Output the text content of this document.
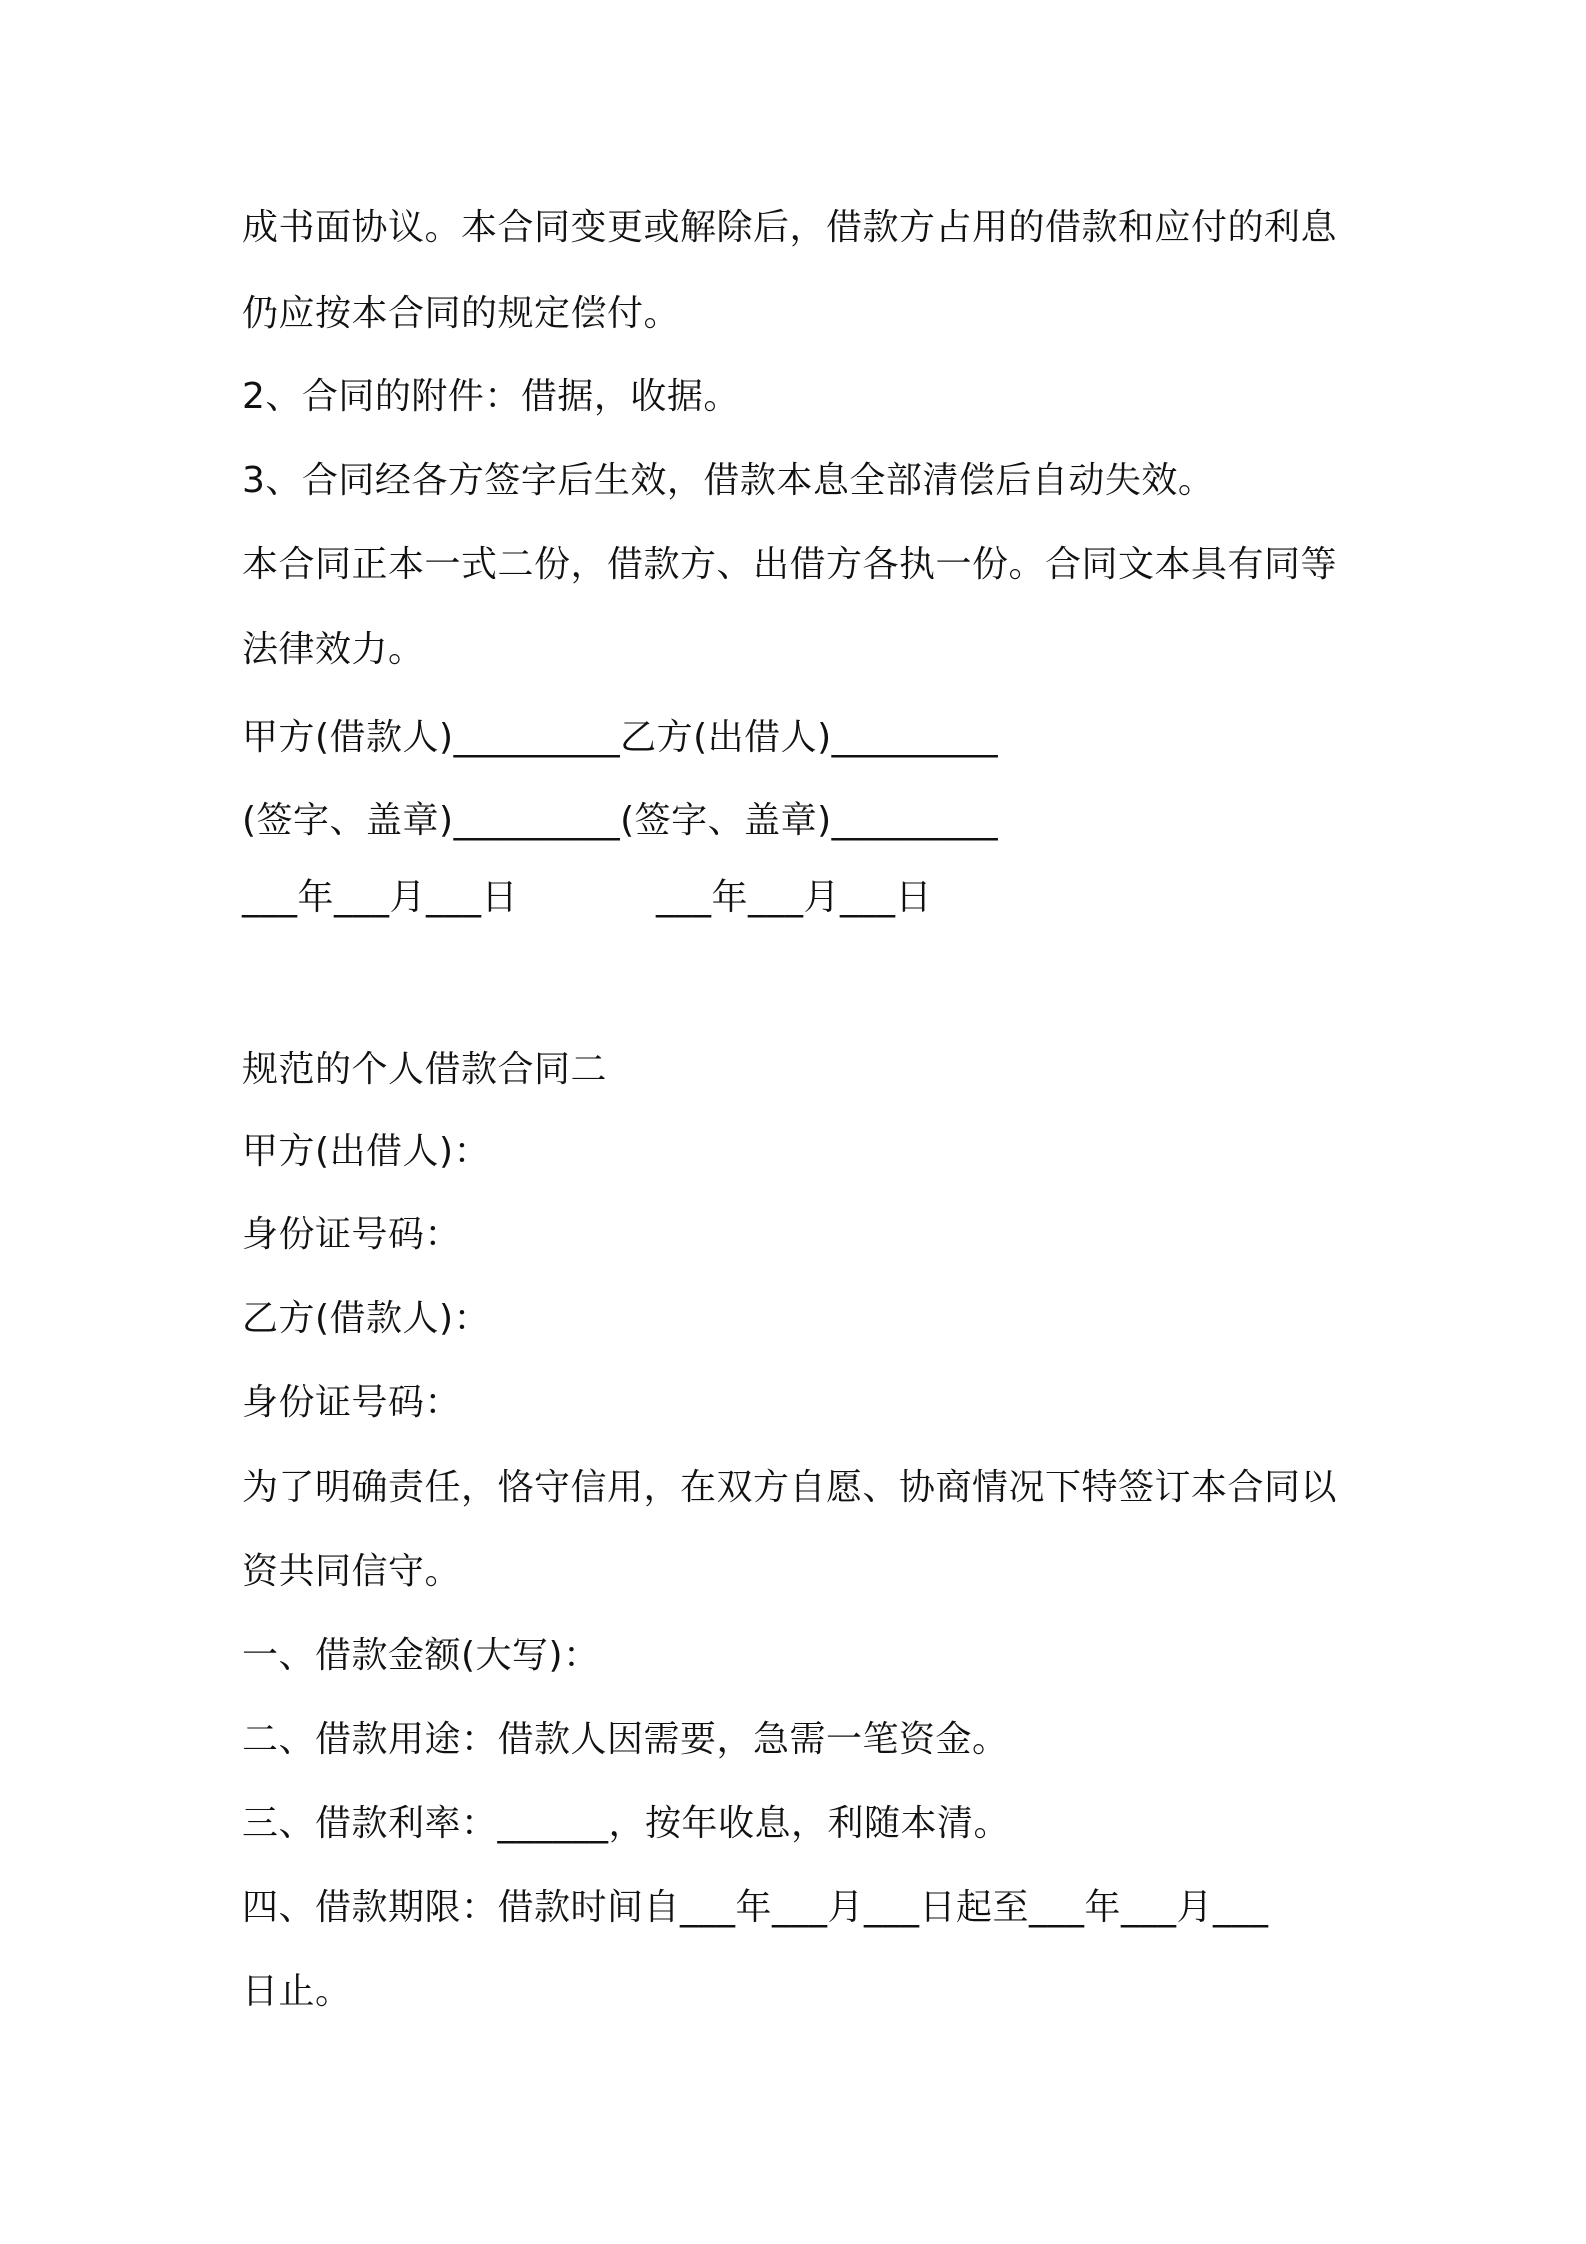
成书面协议。本合同变更或解除后，借款方占用的借款和应付的利息
仍应按本合同的规定偿付。
2、合同的附件：借据，收据。
3、合同经各方签字后生效，借款本息全部清偿后自动失效。
本合同正本一式二份，借款方、出借方各执一份。合同文本具有同等
法律效力。
甲方(借款人)_________乙方(出借人)_________
(签字、盖章)_________(签字、盖章)_________
___年___月___日	___年___月___日
规范的个人借款合同二
甲方(出借人)：
身份证号码：
乙方(借款人)：
身份证号码：
为了明确责任，恪守信用，在双方自愿、协商情况下特签订本合同以
资共同信守。
一、借款金额(大写)：
二、借款用途：借款人因需要，急需一笔资金。
三、借款利率：______，按年收息，利随本清。
四、借款期限：借款时间自___年___月___日起至___年___月___
日止。
